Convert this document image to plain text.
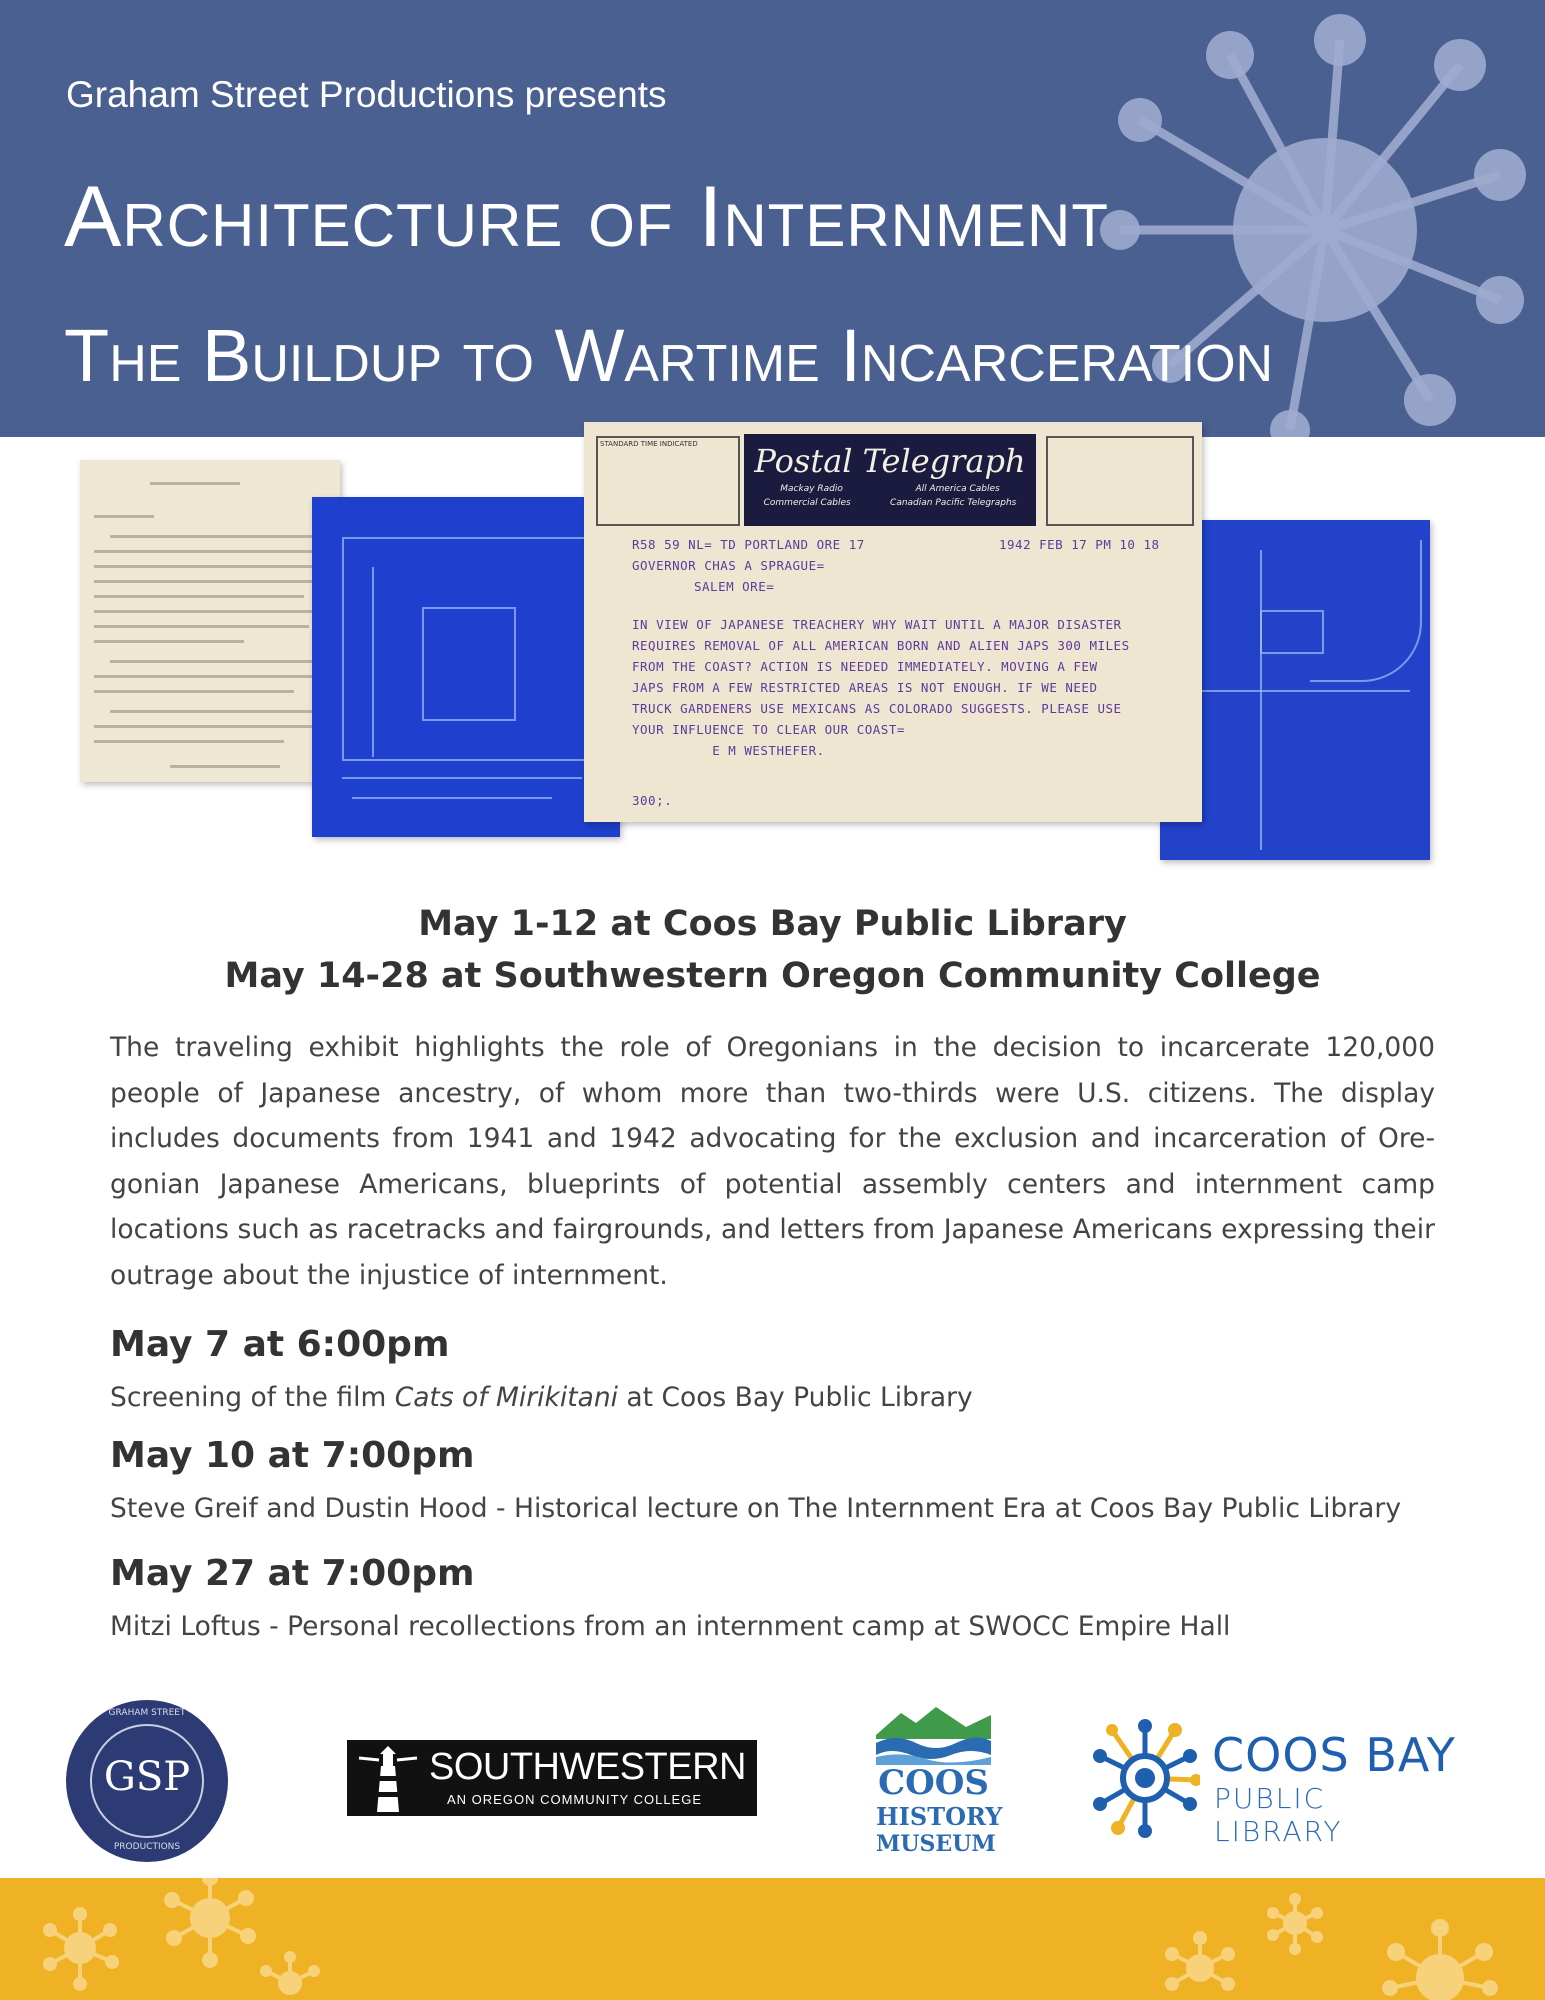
Graham Street Productions presents
Architecture of Internment
The Buildup to Wartime Incarceration
STANDARD TIME INDICATED	Postal Telegraph
Mackay Radio	All America Cables
Commercial Cables	Canadian Pacific Telegraphs
R58 59 NL= TD PORTLAND ORE 17	1942 FEB 17 PM 10 18
GOVERNOR CHAS A SPRAGUE=
SALEM ORE=
IN VIEW OF JAPANESE TREACHERY WHY WAIT UNTIL A MAJOR DISASTER
REQUIRES REMOVAL OF ALL AMERICAN BORN AND ALIEN JAPS 300 MILES
FROM THE COAST? ACTION IS NEEDED IMMEDIATELY. MOVING A FEW
JAPS FROM A FEW RESTRICTED AREAS IS NOT ENOUGH. IF WE NEED
TRUCK GARDENERS USE MEXICANS AS COLORADO SUGGESTS. PLEASE USE
YOUR INFLUENCE TO CLEAR OUR COAST=
E M WESTHEFER.
300;.
May 1-12 at Coos Bay Public Library
May 14-28 at Southwestern Oregon Community College
The traveling exhibit highlights the role of Oregonians in the decision to incarcerate 120,000 people of Japanese ancestry, of whom more than two-thirds were U.S. citizens. The display includes documents from 1941 and 1942 advocating for the exclusion and incarceration of Oregonian Japanese Americans, blueprints of potential assembly centers and internment camp locations such as racetracks and fairgrounds, and letters from Japanese Americans expressing their outrage about the injustice of internment.
May 7 at 6:00pm
Screening of the film Cats of Mirikitani at Coos Bay Public Library
May 10 at 7:00pm
Steve Greif and Dustin Hood - Historical lecture on The Internment Era at Coos Bay Public Library
May 27 at 7:00pm
Mitzi Loftus - Personal recollections from an internment camp at SWOCC Empire Hall
GSP
GRAHAM STREET
PRODUCTIONS
SOUTHWESTERN
AN OREGON COMMUNITY COLLEGE	COOS
HISTORY
MUSEUM
COOS BAY
PUBLIC LIBRARY
